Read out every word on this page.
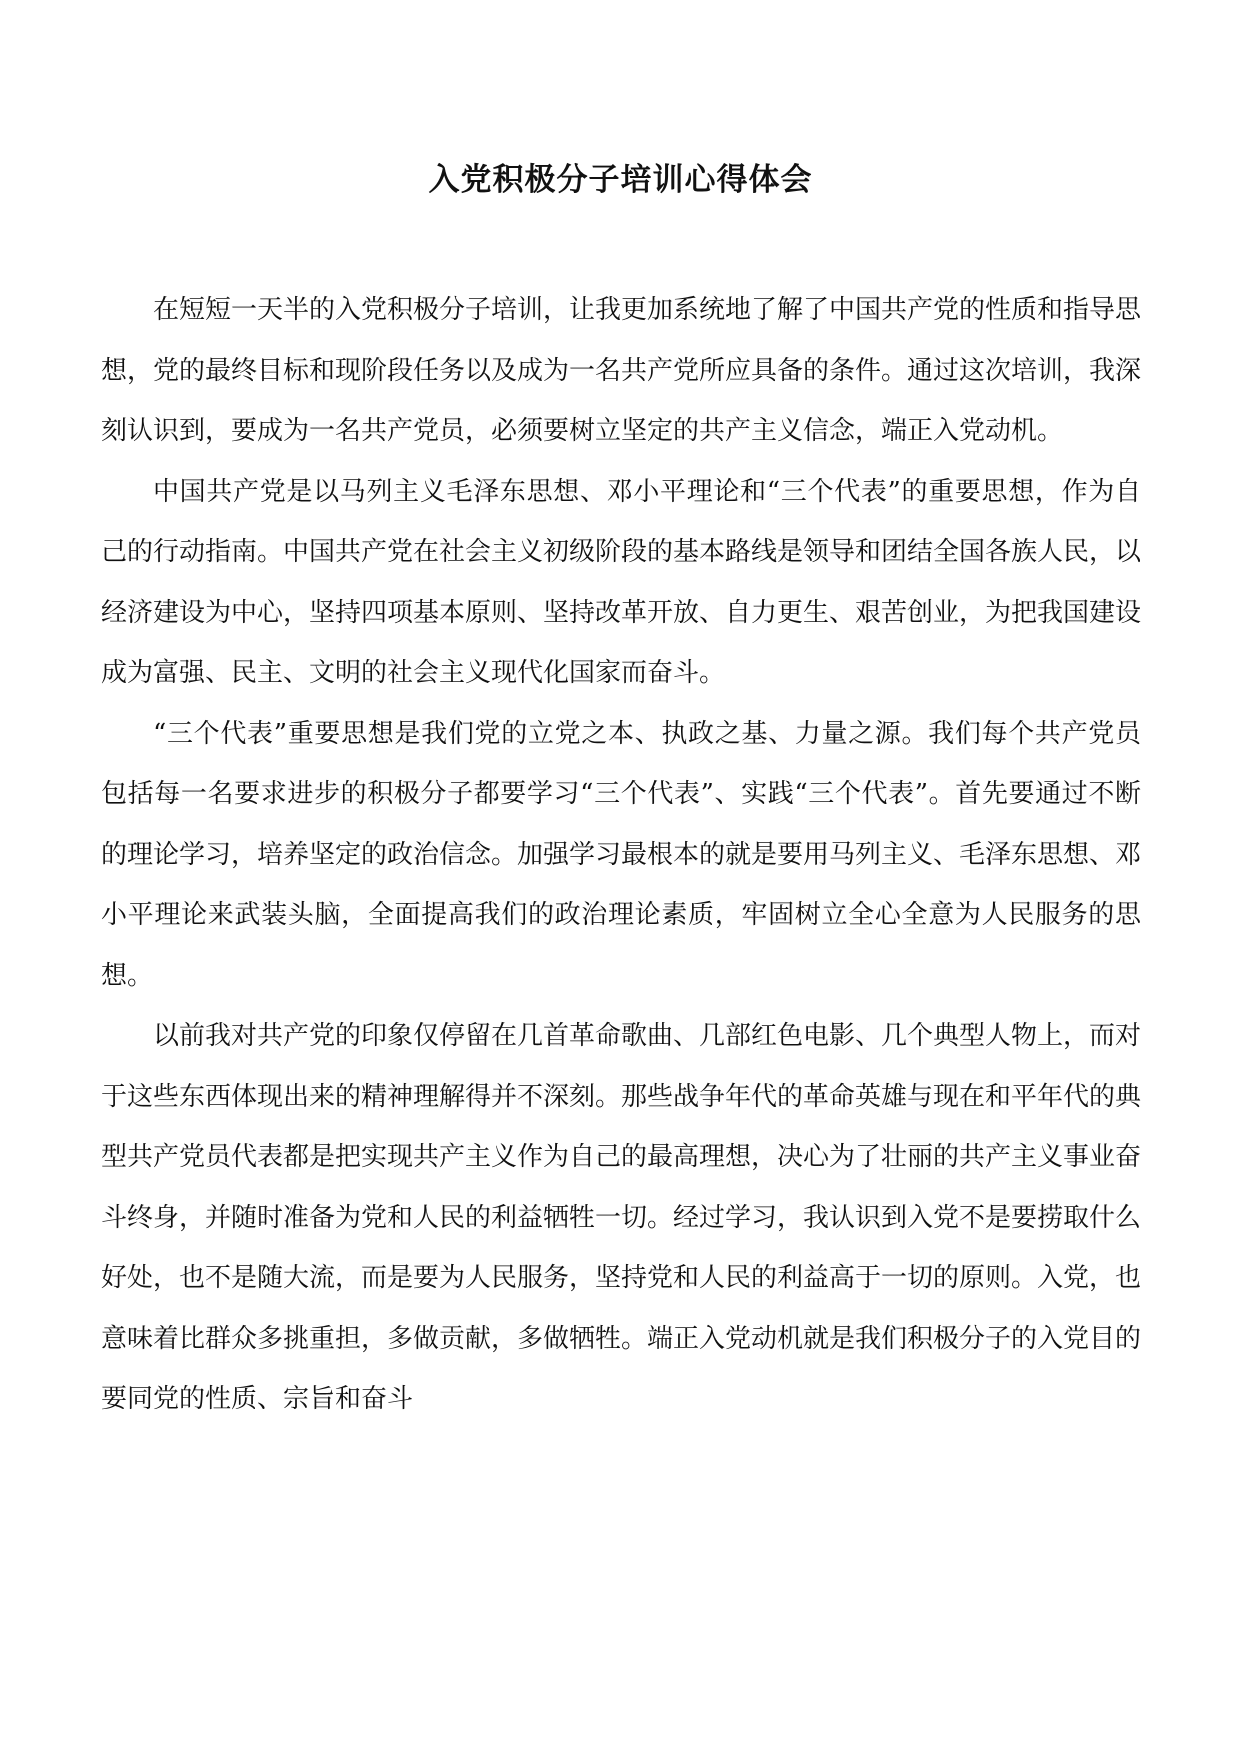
入党积极分子培训心得体会

在短短一天半的入党积极分子培训，让我更加系统地了解了中国共产党的性质和指导思想，党的最终目标和现阶段任务以及成为一名共产党所应具备的条件。通过这次培训，我深刻认识到，要成为一名共产党员，必须要树立坚定的共产主义信念，端正入党动机。

中国共产党是以马列主义毛泽东思想、邓小平理论和“三个代表”的重要思想，作为自己的行动指南。中国共产党在社会主义初级阶段的基本路线是领导和团结全国各族人民，以经济建设为中心，坚持四项基本原则、坚持改革开放、自力更生、艰苦创业，为把我国建设成为富强、民主、文明的社会主义现代化国家而奋斗。

“三个代表”重要思想是我们党的立党之本、执政之基、力量之源。我们每个共产党员包括每一名要求进步的积极分子都要学习“三个代表”、实践“三个代表”。首先要通过不断的理论学习，培养坚定的政治信念。加强学习最根本的就是要用马列主义、毛泽东思想、邓小平理论来武装头脑，全面提高我们的政治理论素质，牢固树立全心全意为人民服务的思想。

以前我对共产党的印象仅停留在几首革命歌曲、几部红色电影、几个典型人物上，而对于这些东西体现出来的精神理解得并不深刻。那些战争年代的革命英雄与现在和平年代的典型共产党员代表都是把实现共产主义作为自己的最高理想，决心为了壮丽的共产主义事业奋斗终身，并随时准备为党和人民的利益牺牲一切。经过学习，我认识到入党不是要捞取什么好处，也不是随大流，而是要为人民服务，坚持党和人民的利益高于一切的原则。入党，也意味着比群众多挑重担，多做贡献，多做牺牲。端正入党动机就是我们积极分子的入党目的要同党的性质、宗旨和奋斗
